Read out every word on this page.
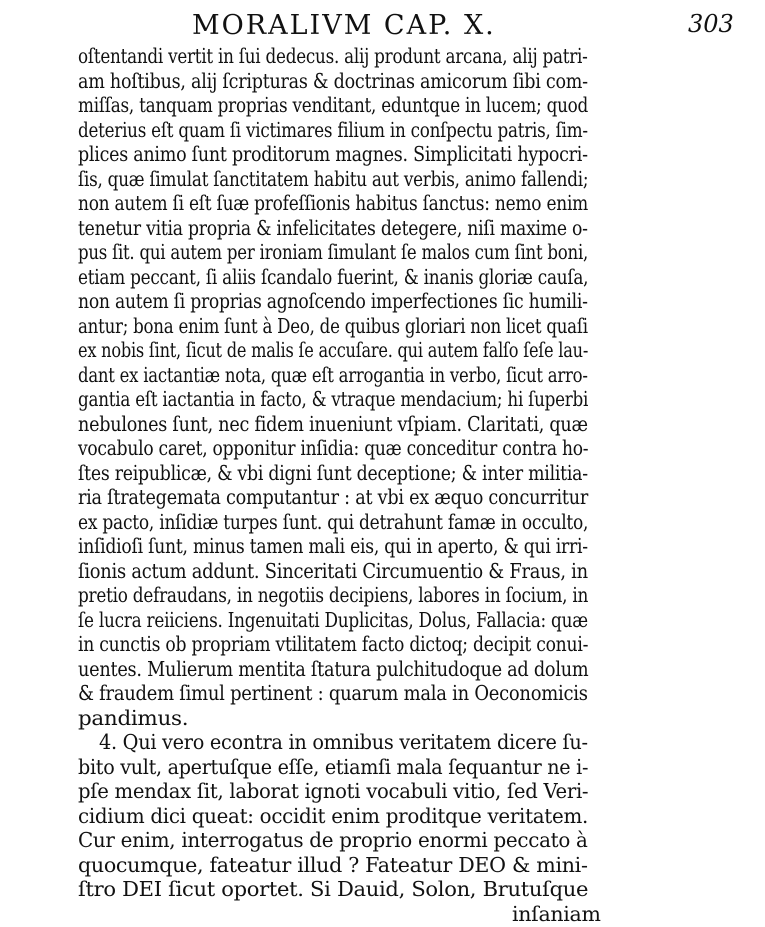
MORALIVM CAP. X.	303
oſtentandi vertit in ſui dedecus. alij produnt arcana, alij patri-
am hoſtibus, alij ſcripturas & doctrinas amicorum ſibi com-
miſſas, tanquam proprias venditant, eduntque in lucem; quod
deterius eſt quam ſi victimares filium in conſpectu patris, ſim-
plices animo ſunt proditorum magnes. Simplicitati hypocri-
ſis, quæ ſimulat ſanctitatem habitu aut verbis, animo fallendi;
non autem ſi eſt ſuæ profeſſionis habitus ſanctus: nemo enim
tenetur vitia propria & infelicitates detegere, niſi maxime o-
pus ſit. qui autem per ironiam ſimulant ſe malos cum ſint boni,
etiam peccant, ſi aliis ſcandalo fuerint, & inanis gloriæ cauſa,
non autem ſi proprias agnoſcendo imperfectiones ſic humili-
antur; bona enim ſunt à Deo, de quibus gloriari non licet quaſi
ex nobis ſint, ſicut de malis ſe accuſare. qui autem falſo ſeſe lau-
dant ex iactantiæ nota, quæ eſt arrogantia in verbo, ſicut arro-
gantia eſt iactantia in facto, & vtraque mendacium; hi ſuperbi
nebulones ſunt, nec fidem inueniunt vſpiam. Claritati, quæ
vocabulo caret, opponitur inſidia: quæ conceditur contra ho-
ſtes reipublicæ, & vbi digni ſunt deceptione; & inter militia-
ria ſtrategemata computantur : at vbi ex æquo concurritur
ex pacto, inſidiæ turpes ſunt. qui detrahunt famæ in occulto,
inſidioſi ſunt, minus tamen mali eis, qui in aperto, & qui irri-
ſionis actum addunt. Sinceritati Circumuentio & Fraus, in
pretio defraudans, in negotiis decipiens, labores in ſocium, in
ſe lucra reiiciens. Ingenuitati Duplicitas, Dolus, Fallacia: quæ
in cunctis ob propriam vtilitatem facto dictoq; decipit conui-
uentes. Mulierum mentita ſtatura pulchitudoque ad dolum
& fraudem ſimul pertinent : quarum mala in Oeconomicis
pandimus.
4. Qui vero econtra in omnibus veritatem dicere ſu-
bito vult, apertuſque eſſe, etiamſi mala ſequantur ne i-
pſe mendax ſit, laborat ignoti vocabuli vitio, ſed Veri-
cidium dici queat: occidit enim proditque veritatem.
Cur enim, interrogatus de proprio enormi peccato à
quocumque, fateatur illud ? Fateatur DEO & mini-
ſtro DEI ſicut oportet. Si Dauid, Solon, Brutuſque
inſaniam
